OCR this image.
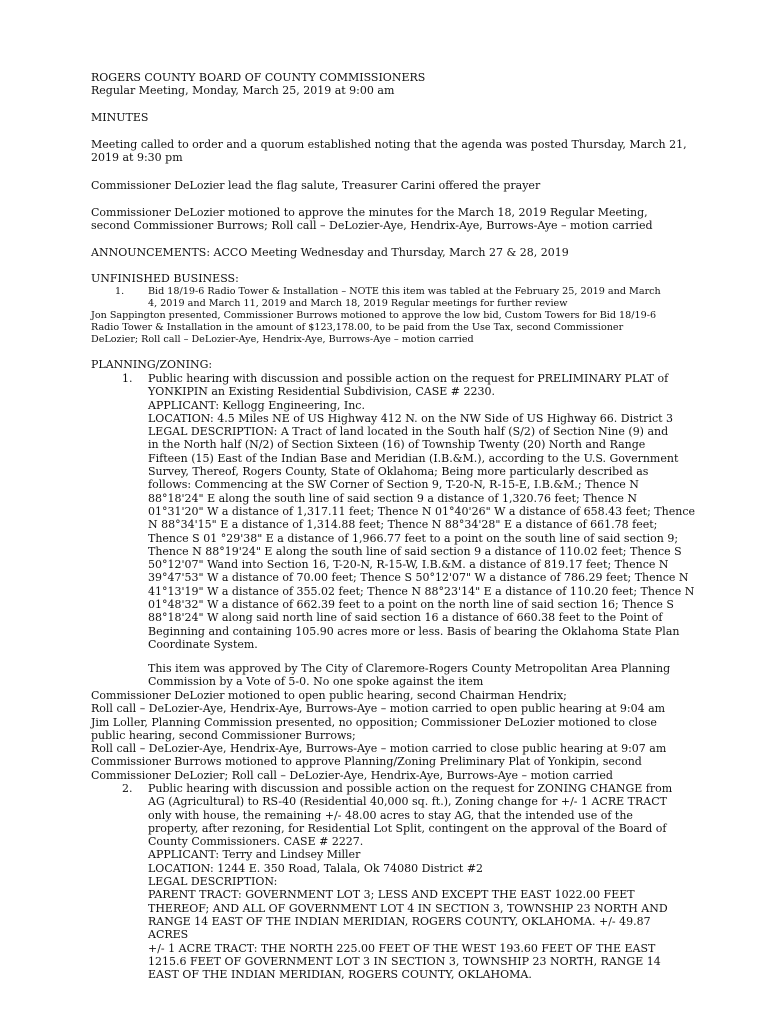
ROGERS COUNTY BOARD OF COUNTY COMMISSIONERS
Regular Meeting, Monday, March 25, 2019 at 9:00 am
MINUTES
Meeting called to order and a quorum established noting that the agenda was posted Thursday, March 21,
2019 at 9:30 pm
Commissioner DeLozier lead the flag salute, Treasurer Carini offered the prayer
Commissioner DeLozier motioned to approve the minutes for the March 18, 2019 Regular Meeting,
second Commissioner Burrows; Roll call – DeLozier-Aye, Hendrix-Aye, Burrows-Aye – motion carried
ANNOUNCEMENTS: ACCO Meeting Wednesday and Thursday, March 27 & 28, 2019
UNFINISHED BUSINESS:
1. Bid 18/19-6 Radio Tower & Installation – NOTE this item was tabled at the February 25, 2019 and March
4, 2019 and March 11, 2019 and March 18, 2019 Regular meetings for further review
Jon Sappington presented, Commissioner Burrows motioned to approve the low bid, Custom Towers for Bid 18/19-6
Radio Tower & Installation in the amount of $123,178.00, to be paid from the Use Tax, second Commissioner
DeLozier; Roll call – DeLozier-Aye, Hendrix-Aye, Burrows-Aye – motion carried
PLANNING/ZONING:
1. Public hearing with discussion and possible action on the request for PRELIMINARY PLAT of
YONKIPIN an Existing Residential Subdivision, CASE # 2230.
APPLICANT: Kellogg Engineering, Inc.
LOCATION: 4.5 Miles NE of US Highway 412 N. on the NW Side of US Highway 66. District 3
LEGAL DESCRIPTION: A Tract of land located in the South half (S/2) of Section Nine (9) and
in the North half (N/2) of Section Sixteen (16) of Township Twenty (20) North and Range
Fifteen (15) East of the Indian Base and Meridian (I.B.&M.), according to the U.S. Government
Survey, Thereof, Rogers County, State of Oklahoma; Being more particularly described as
follows: Commencing at the SW Corner of Section 9, T-20-N, R-15-E, I.B.&M.; Thence N
88°18'24" E along the south line of said section 9 a distance of 1,320.76 feet; Thence N
01°31'20" W a distance of 1,317.11 feet; Thence N 01°40'26" W a distance of 658.43 feet; Thence
N 88°34'15" E a distance of 1,314.88 feet; Thence N 88°34'28" E a distance of 661.78 feet;
Thence S 01 °29'38" E a distance of 1,966.77 feet to a point on the south line of said section 9;
Thence N 88°19'24" E along the south line of said section 9 a distance of 110.02 feet; Thence S
50°12'07" Wand into Section 16, T-20-N, R-15-W, I.B.&M. a distance of 819.17 feet; Thence N
39°47'53" W a distance of 70.00 feet; Thence S 50°12'07" W a distance of 786.29 feet; Thence N
41°13'19" W a distance of 355.02 feet; Thence N 88°23'14" E a distance of 110.20 feet; Thence N
01°48'32" W a distance of 662.39 feet to a point on the north line of said section 16; Thence S
88°18'24" W along said north line of said section 16 a distance of 660.38 feet to the Point of
Beginning and containing 105.90 acres more or less. Basis of bearing the Oklahoma State Plan
Coordinate System.
This item was approved by The City of Claremore-Rogers County Metropolitan Area Planning
Commission by a Vote of 5-0. No one spoke against the item
Commissioner DeLozier motioned to open public hearing, second Chairman Hendrix;
Roll call – DeLozier-Aye, Hendrix-Aye, Burrows-Aye – motion carried to open public hearing at 9:04 am
Jim Loller, Planning Commission presented, no opposition; Commissioner DeLozier motioned to close
public hearing, second Commissioner Burrows;
Roll call – DeLozier-Aye, Hendrix-Aye, Burrows-Aye – motion carried to close public hearing at 9:07 am
Commissioner Burrows motioned to approve Planning/Zoning Preliminary Plat of Yonkipin, second
Commissioner DeLozier; Roll call – DeLozier-Aye, Hendrix-Aye, Burrows-Aye – motion carried
2. Public hearing with discussion and possible action on the request for ZONING CHANGE from
AG (Agricultural) to RS-40 (Residential 40,000 sq. ft.), Zoning change for +/- 1 ACRE TRACT
only with house, the remaining +/- 48.00 acres to stay AG, that the intended use of the
property, after rezoning, for Residential Lot Split, contingent on the approval of the Board of
County Commissioners. CASE # 2227.
APPLICANT: Terry and Lindsey Miller
LOCATION: 1244 E. 350 Road, Talala, Ok 74080 District #2
LEGAL DESCRIPTION:
PARENT TRACT: GOVERNMENT LOT 3; LESS AND EXCEPT THE EAST 1022.00 FEET
THEREOF; AND ALL OF GOVERNMENT LOT 4 IN SECTION 3, TOWNSHIP 23 NORTH AND
RANGE 14 EAST OF THE INDIAN MERIDIAN, ROGERS COUNTY, OKLAHOMA. +/- 49.87
ACRES
+/- 1 ACRE TRACT: THE NORTH 225.00 FEET OF THE WEST 193.60 FEET OF THE EAST
1215.6 FEET OF GOVERNMENT LOT 3 IN SECTION 3, TOWNSHIP 23 NORTH, RANGE 14
EAST OF THE INDIAN MERIDIAN, ROGERS COUNTY, OKLAHOMA.
